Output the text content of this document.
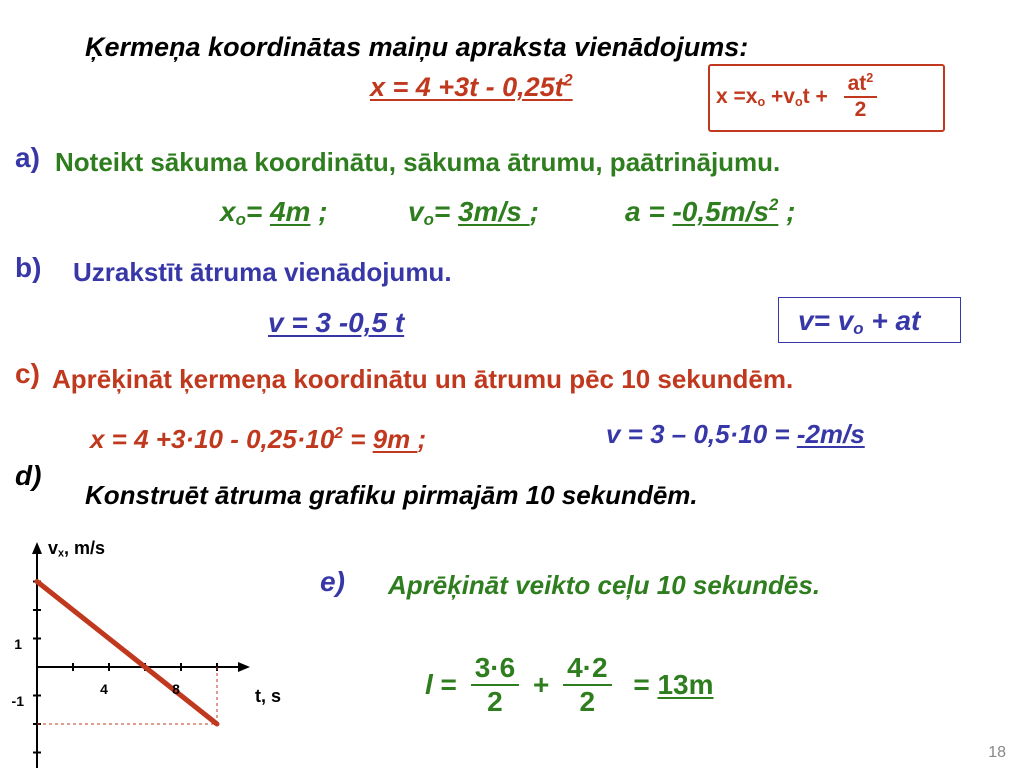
Ķermeņa koordinātas maiņu apraksta vienādojums:
$x = 4 +3t - 0,25t^2$
$x =x_o +v_ot + \frac{at^2}{2}$
a) Noteikt sākuma koordinātu, sākuma ātrumu, paātrinājumu.
$x_o= 4m$ ;	$v_o= 3m/s$ ;	$a = -0,5m/s^2$ ;
b) Uzrakstīt ātruma vienādojumu.
v = 3 -0,5 t	$v= v_o$ + at
c) Aprēķināt ķermeņa koordinātu un ātrumu pēc 10 sekundēm.
$x = 4 +3\cdot 10 - 0,25\cdot 10^2 = 9m$ ;	v = 3 – 0,5·10 = -2m/s
d)
Konstruēt ātruma grafiku pirmajām 10 sekundēm.
e) Aprēķināt veikto ceļu 10 sekundēs.
$l = \frac{3\cdot 6}{2} + \frac{4\cdot 2}{2} = 13m$
4	8
1
-1	t, s
$v_x$, m/s
18
